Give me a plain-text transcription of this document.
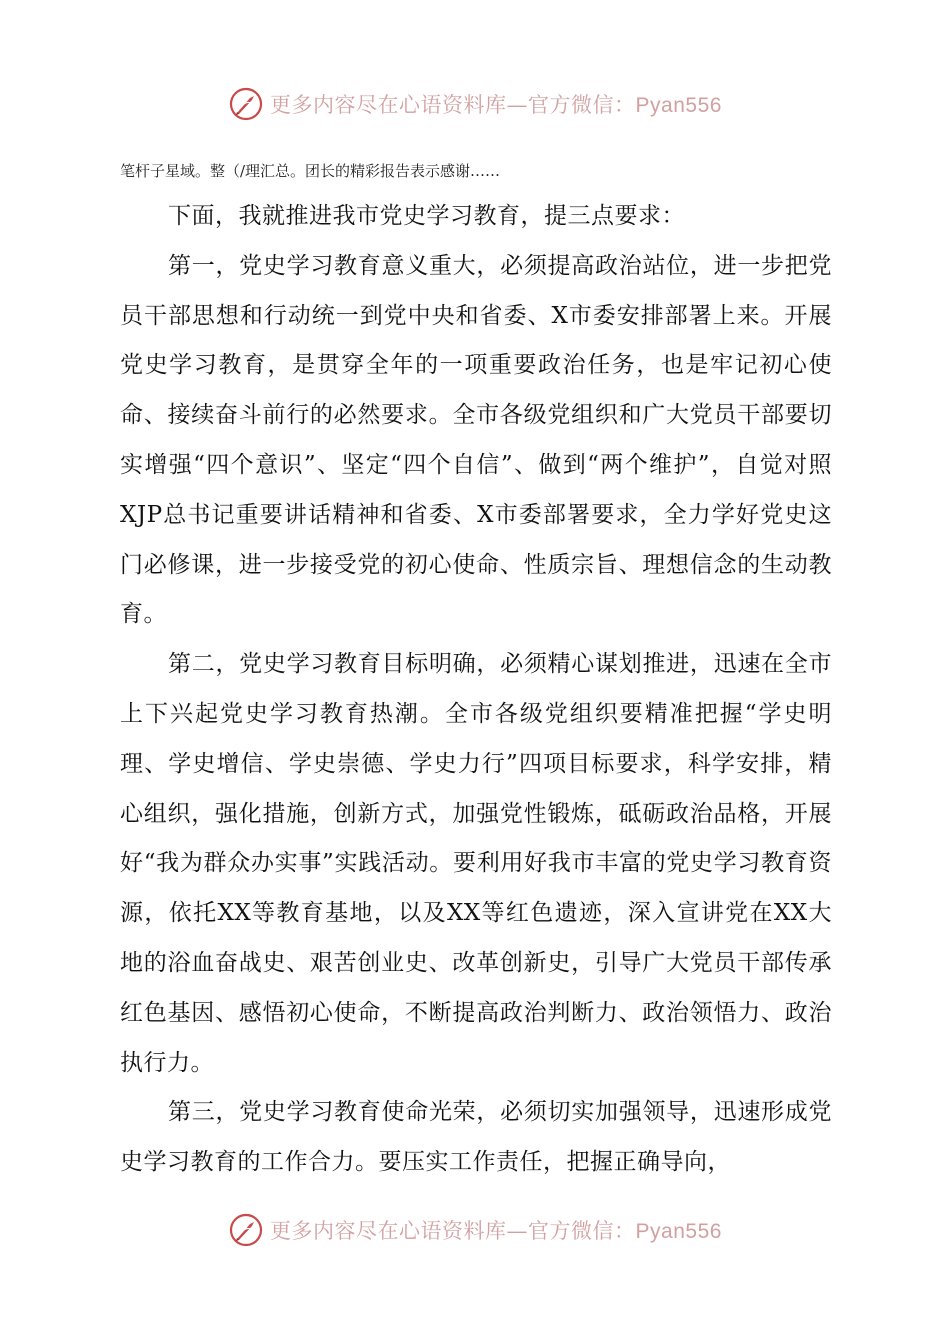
更多内容尽在心语资料库—官方微信：Pyan556
笔杆子星域。整（/理汇总。团长的精彩报告表示感谢……

下面，我就推进我市党史学习教育，提三点要求：

第一，党史学习教育意义重大，必须提高政治站位，进一步把党员干部思想和行动统一到党中央和省委、X市委安排部署上来。开展党史学习教育，是贯穿全年的一项重要政治任务，也是牢记初心使命、接续奋斗前行的必然要求。全市各级党组织和广大党员干部要切实增强“四个意识”、坚定“四个自信”、做到“两个维护”，自觉对照XJP总书记重要讲话精神和省委、X市委部署要求，全力学好党史这门必修课，进一步接受党的初心使命、性质宗旨、理想信念的生动教育。

第二，党史学习教育目标明确，必须精心谋划推进，迅速在全市上下兴起党史学习教育热潮。全市各级党组织要精准把握“学史明理、学史增信、学史崇德、学史力行”四项目标要求，科学安排，精心组织，强化措施，创新方式，加强党性锻炼，砥砺政治品格，开展好“我为群众办实事”实践活动。要利用好我市丰富的党史学习教育资源，依托XX等教育基地，以及XX等红色遗迹，深入宣讲党在XX大地的浴血奋战史、艰苦创业史、改革创新史，引导广大党员干部传承红色基因、感悟初心使命，不断提高政治判断力、政治领悟力、政治执行力。

第三，党史学习教育使命光荣，必须切实加强领导，迅速形成党史学习教育的工作合力。要压实工作责任，把握正确导向，

更多内容尽在心语资料库—官方微信：Pyan556
